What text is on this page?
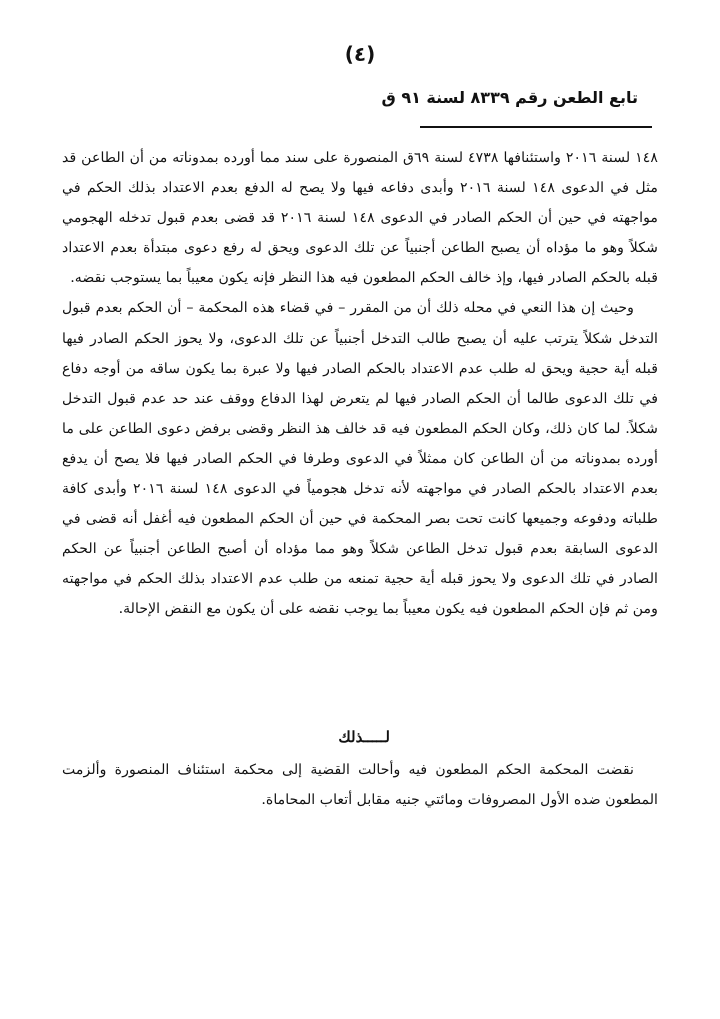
(٤)
تابع الطعن رقم ٨٣٣٩ لسنة ٩١ ق

١٤٨ لسنة ٢٠١٦ واستئنافها ٤٧٣٨ لسنة ٦٩ق المنصورة على سند مما أورده بمدوناته من أن الطاعن قد مثل في الدعوى ١٤٨ لسنة ٢٠١٦ وأبدى دفاعه فيها ولا يصح له الدفع بعدم الاعتداد بذلك الحكم في مواجهته في حين أن الحكم الصادر في الدعوى ١٤٨ لسنة ٢٠١٦ قد قضى بعدم قبول تدخله الهجومي شكلاً وهو ما مؤداه أن يصبح الطاعن أجنبياً عن تلك الدعوى ويحق له رفع دعوى مبتدأة بعدم الاعتداد قبله بالحكم الصادر فيها، وإذ خالف الحكم المطعون فيه هذا النظر فإنه يكون معيباً بما يستوجب نقضه.

وحيث إن هذا النعي في محله ذلك أن من المقرر – في قضاء هذه المحكمة – أن الحكم بعدم قبول التدخل شكلاً يترتب عليه أن يصبح طالب التدخل أجنبياً عن تلك الدعوى، ولا يحوز الحكم الصادر فيها قبله أية حجية ويحق له طلب عدم الاعتداد بالحكم الصادر فيها ولا عبرة بما يكون ساقه من أوجه دفاع في تلك الدعوى طالما أن الحكم الصادر فيها لم يتعرض لهذا الدفاع ووقف عند حد عدم قبول التدخل شكلاً. لما كان ذلك، وكان الحكم المطعون فيه قد خالف هذ النظر وقضى برفض دعوى الطاعن على ما أورده بمدوناته من أن الطاعن كان ممثلاً في الدعوى وطرفا في الحكم الصادر فيها فلا يصح أن يدفع بعدم الاعتداد بالحكم الصادر في مواجهته لأنه تدخل هجومياً في الدعوى ١٤٨ لسنة ٢٠١٦ وأبدى كافة طلباته ودفوعه وجميعها كانت تحت بصر المحكمة في حين أن الحكم المطعون فيه أغفل أنه قضى في الدعوى السابقة بعدم قبول تدخل الطاعن شكلاً وهو مما مؤداه أن أصبح الطاعن أجنبياً عن الحكم الصادر في تلك الدعوى ولا يحوز قبله أية حجية تمنعه من طلب عدم الاعتداد بذلك الحكم في مواجهته ومن ثم فإن الحكم المطعون فيه يكون معيباً بما يوجب نقضه على أن يكون مع النقض الإحالة.

لـــــذلك

نقضت المحكمة الحكم المطعون فيه وأحالت القضية إلى محكمة استئناف المنصورة وألزمت المطعون ضده الأول المصروفات ومائتي جنيه مقابل أتعاب المحاماة.
